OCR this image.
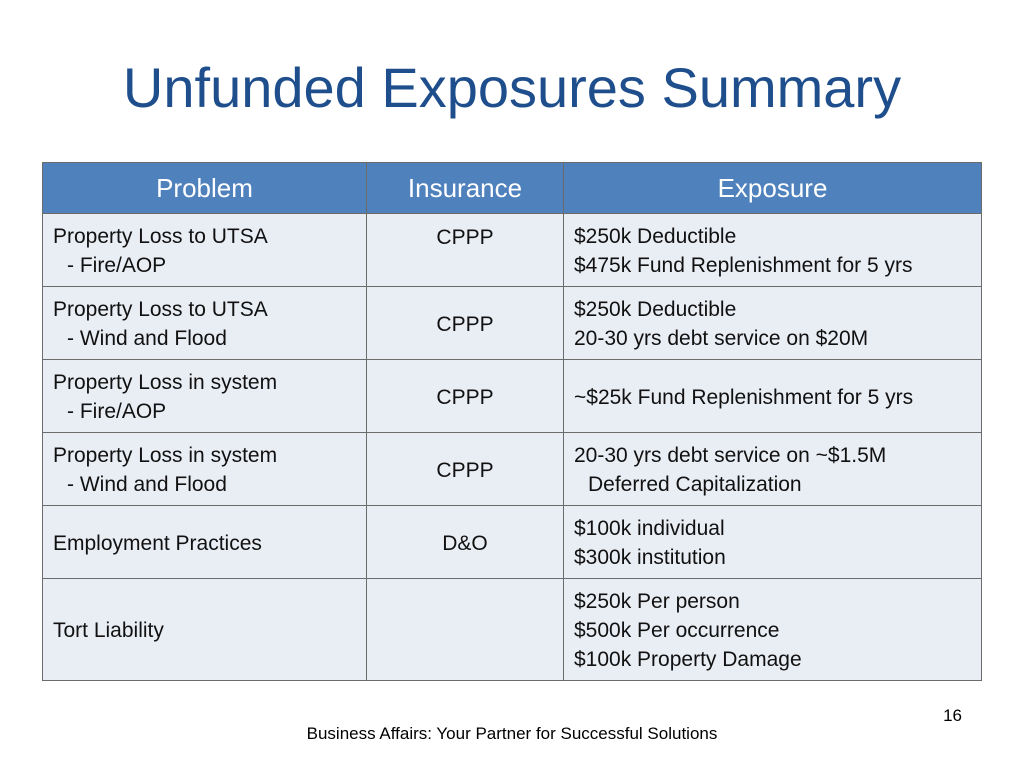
Unfunded Exposures Summary
Problem	Insurance	Exposure

Property Loss to UTSA
- Fire/AOP	CPPP	$250k Deductible
$475k Fund Replenishment for 5 yrs

Property Loss to UTSA
- Wind and Flood	CPPP	$250k Deductible
20-30 yrs debt service on $20M

Property Loss in system
- Fire/AOP	CPPP	~$25k Fund Replenishment for 5 yrs

Property Loss in system
- Wind and Flood	CPPP	20-30 yrs debt service on ~$1.5M
Deferred Capitalization

Employment Practices	D&O	$100k individual
$300k institution

Tort Liability		$250k Per person
$500k Per occurrence
$100k Property Damage
16
Business Affairs: Your Partner for Successful Solutions
